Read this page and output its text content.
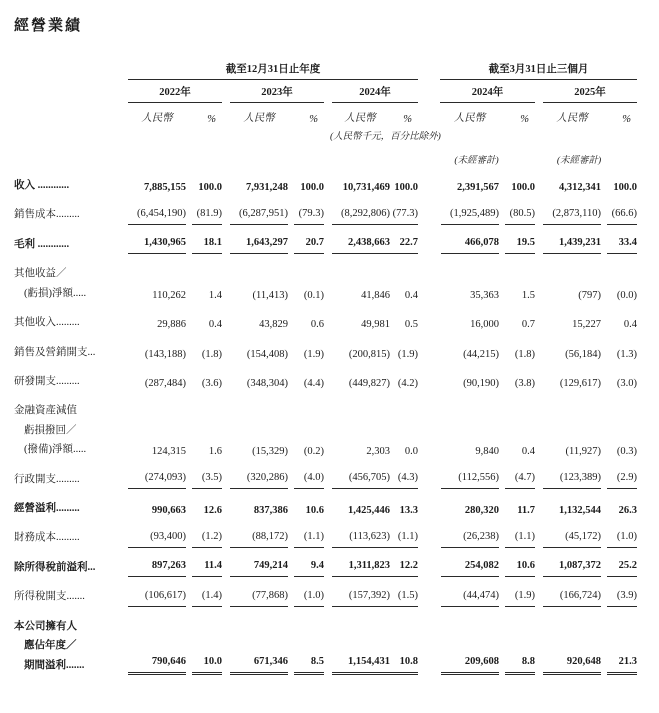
經營業績

	截至12月31日止年度							截至3月31日止三個月			

	2022年		2023年		2024年			2024年		2025年	

	人民幣	%	人民幣	%	人民幣	%		人民幣	%	人民幣	%
					(人民幣千元，百分比除外)						
								(未經審計)		(未經審計)	

收入 ............	7,885,155	100.0	7,931,248	100.0	10,731,469	100.0		2,391,567	100.0	4,312,341	100.0

銷售成本.........	(6,454,190)	(81.9)	(6,287,951)	(79.3)	(8,292,806)	(77.3)		(1,925,489)	(80.5)	(2,873,110)	(66.6)

毛利 ............	1,430,965	18.1	1,643,297	20.7	2,438,663	22.7		466,078	19.5	1,439,231	33.4

其他收益／
(虧損)淨額.....	110,262	1.4	(11,413)	(0.1)	41,846	0.4		35,363	1.5	(797)	(0.0)

其他收入.........	29,886	0.4	43,829	0.6	49,981	0.5		16,000	0.7	15,227	0.4

銷售及營銷開支...	(143,188)	(1.8)	(154,408)	(1.9)	(200,815)	(1.9)		(44,215)	(1.8)	(56,184)	(1.3)

研發開支.........	(287,484)	(3.6)	(348,304)	(4.4)	(449,827)	(4.2)		(90,190)	(3.8)	(129,617)	(3.0)

金融資產減值
虧損撥回／
(撥備)淨額.....	124,315	1.6	(15,329)	(0.2)	2,303	0.0		9,840	0.4	(11,927)	(0.3)

行政開支.........	(274,093)	(3.5)	(320,286)	(4.0)	(456,705)	(4.3)		(112,556)	(4.7)	(123,389)	(2.9)

經營溢利.........	990,663	12.6	837,386	10.6	1,425,446	13.3		280,320	11.7	1,132,544	26.3

財務成本.........	(93,400)	(1.2)	(88,172)	(1.1)	(113,623)	(1.1)		(26,238)	(1.1)	(45,172)	(1.0)

除所得稅前溢利...	897,263	11.4	749,214	9.4	1,311,823	12.2		254,082	10.6	1,087,372	25.2

所得稅開支.......	(106,617)	(1.4)	(77,868)	(1.0)	(157,392)	(1.5)		(44,474)	(1.9)	(166,724)	(3.9)

本公司擁有人
應佔年度／
期間溢利.......	790,646	10.0	671,346	8.5	1,154,431	10.8		209,608	8.8	920,648	21.3
